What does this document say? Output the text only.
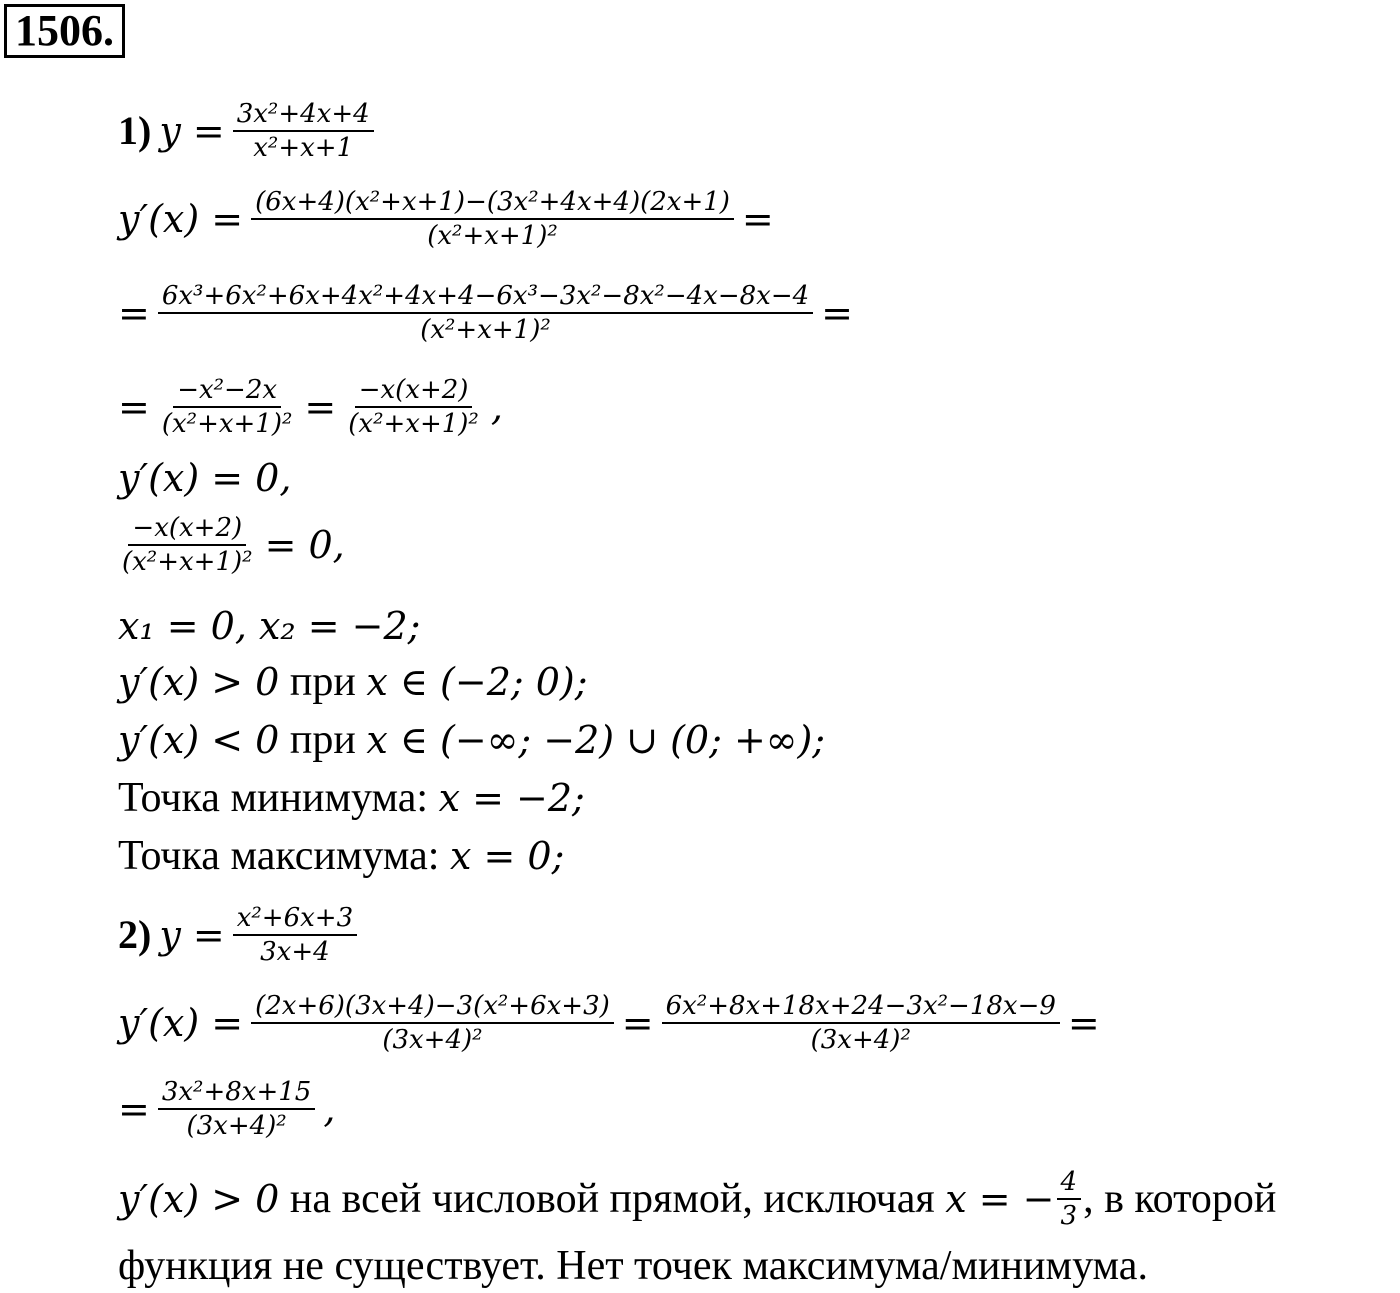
1506.
1) $y = \frac{\text{3x²+4x+4}}{\text{x²+x+1}}$
$y'(x) = \frac{\text{(6x+4)(x²+x+1)−(3x²+4x+4)(2x+1)}}{\text{(x²+x+1)²}}$ =
= $\frac{\text{6x³+6x²+6x+4x²+4x+4−6x³−3x²−8x²−4x−8x−4}}{\text{(x²+x+1)²}}$ =
= $\frac{\text{−x²−2x}}{\text{(x²+x+1)²}} = \frac{-x(x+2)}{\text{(x²+x+1)²}}$ ,
y′(x) = 0,
$\frac{-x(x+2)}{\text{(x²+x+1)²}} = 0$,
x₁ = 0, x₂ = −2;
y′(x) > 0 при x ∈ (−2; 0);
y′(x) < 0 при x ∈ (−∞; −2) ∪ (0; +∞);
Точка минимума: x = −2;
Точка максимума: x = 0;
2) $y = \frac{\text{x²+6x+3}}{3x+4}$
$y'(x) = \frac{\text{(2x+6)(3x+4)−3(x²+6x+3)}}{\text{(3x+4)²}} = \frac{\text{6x²+8x+18x+24−3x²−18x−9}}{\text{(3x+4)²}}$ =
= $\frac{\text{3x²+8x+15}}{\text{(3x+4)²}}$ ,
y′(x) > 0 на всей числовой прямой, исключая x = − $\frac{4}{3}$ , в которой
функция не существует. Нет точек максимума/минимума.
